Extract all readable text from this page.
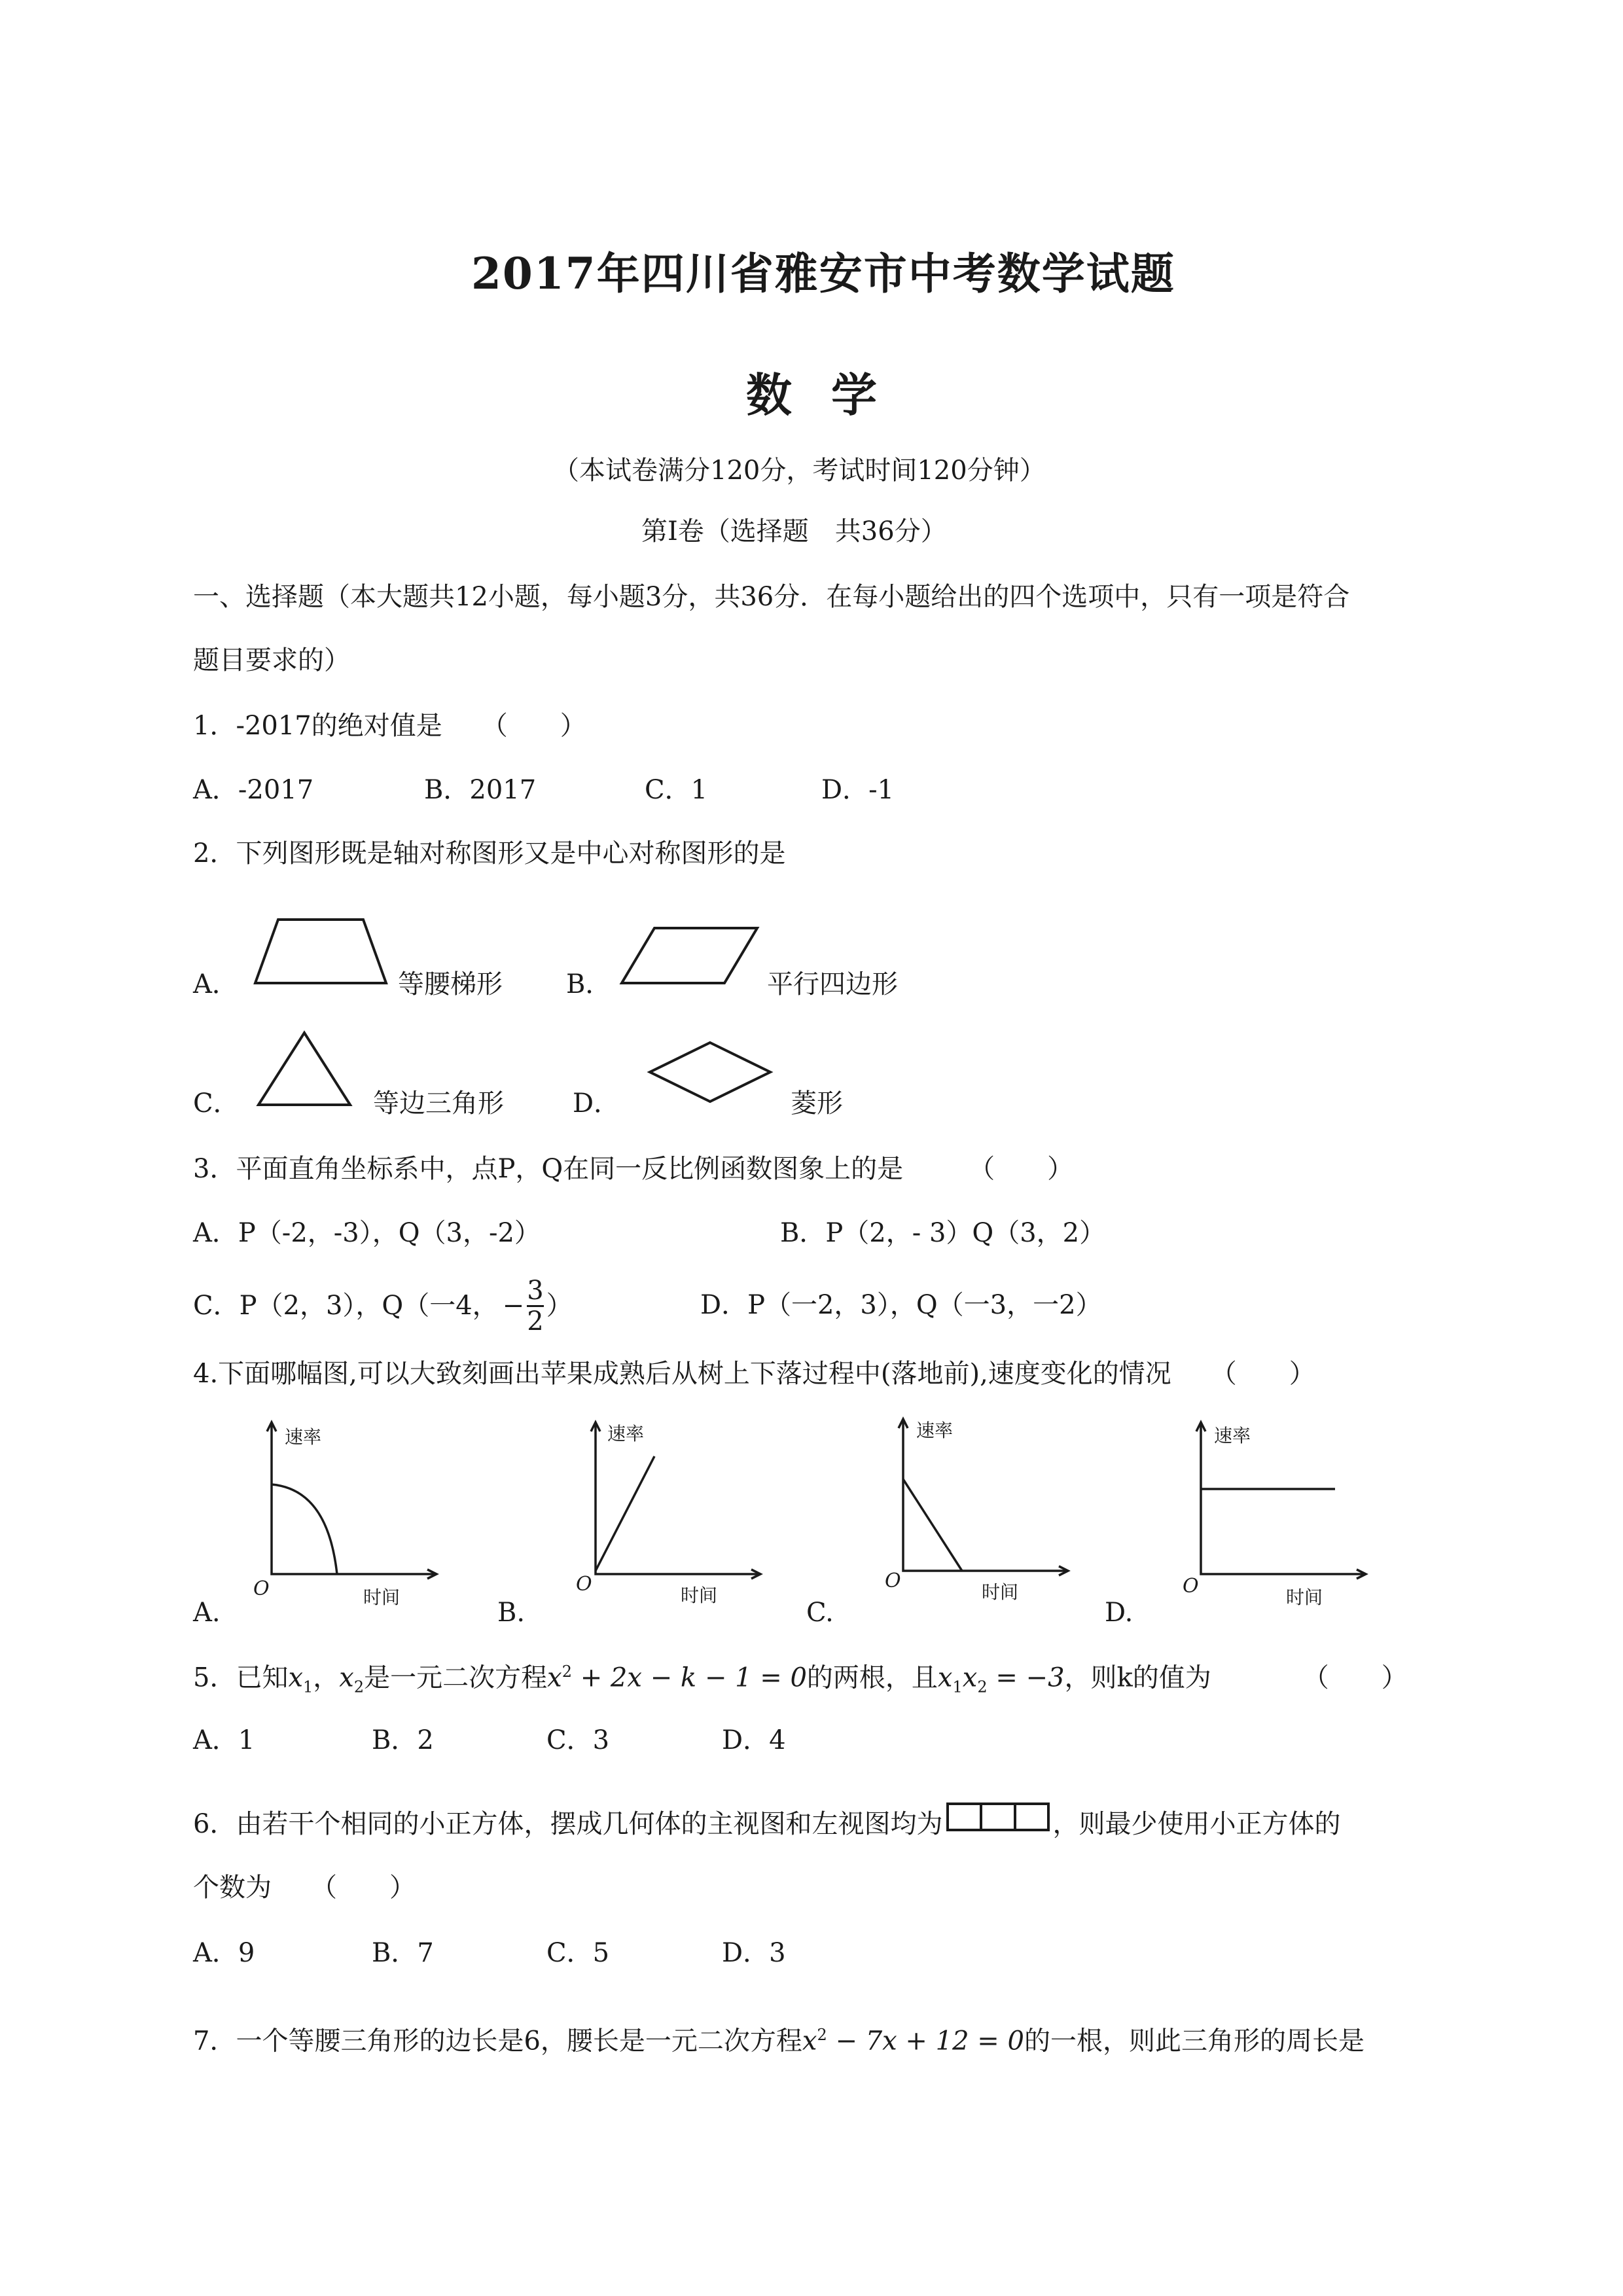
2017年四川省雅安市中考数学试题
数学
（本试卷满分120分，考试时间120分钟）
第Ⅰ卷（选择题　共36分）
一、选择题（本大题共12小题，每小题3分，共36分．在每小题给出的四个选项中，只有一项是符合
题目要求的）
1．-2017的绝对值是　　（　　）
A．-2017	B．2017	C．1	D．-1
2．下列图形既是轴对称图形又是中心对称图形的是
A．	等腰梯形 B．	平行四边形
C．	等边三角形	D．	菱形
3．平面直角坐标系中，点P，Q在同一反比例函数图象上的是　　　（　　）
A．P（-2，-3），Q（3，-2）	B．P（2，- 3）Q（3，2）
C．P（2，3），Q（一4， − $\frac{3}{2}$ ）	D．P（一2，3），Q（一3，一2）
4.下面哪幅图,可以大致刻画出苹果成熟后从树上下落过程中(落地前),速度变化的情况　　（　　）
速率
O	时间
A.
速率
O	时间
B.
速率
O	时间
C.
速率
O	时间
D.
5．已知$x_1$，$x_2$是一元二次方程$x^2 + 2x - k - 1 = 0$的两根，且$x_1x_2 = -3$，则k的值为　　　　（　　）
A．1	B．2	C．3	D．4
6．由若干个相同的小正方体，摆成几何体的主视图和左视图均为	，则最少使用小正方体的
个数为　　（　　）
A．9	B．7	C．5	D．3
7．一个等腰三角形的边长是6，腰长是一元二次方程$x^2 - 7x + 12 = 0$的一根，则此三角形的周长是
